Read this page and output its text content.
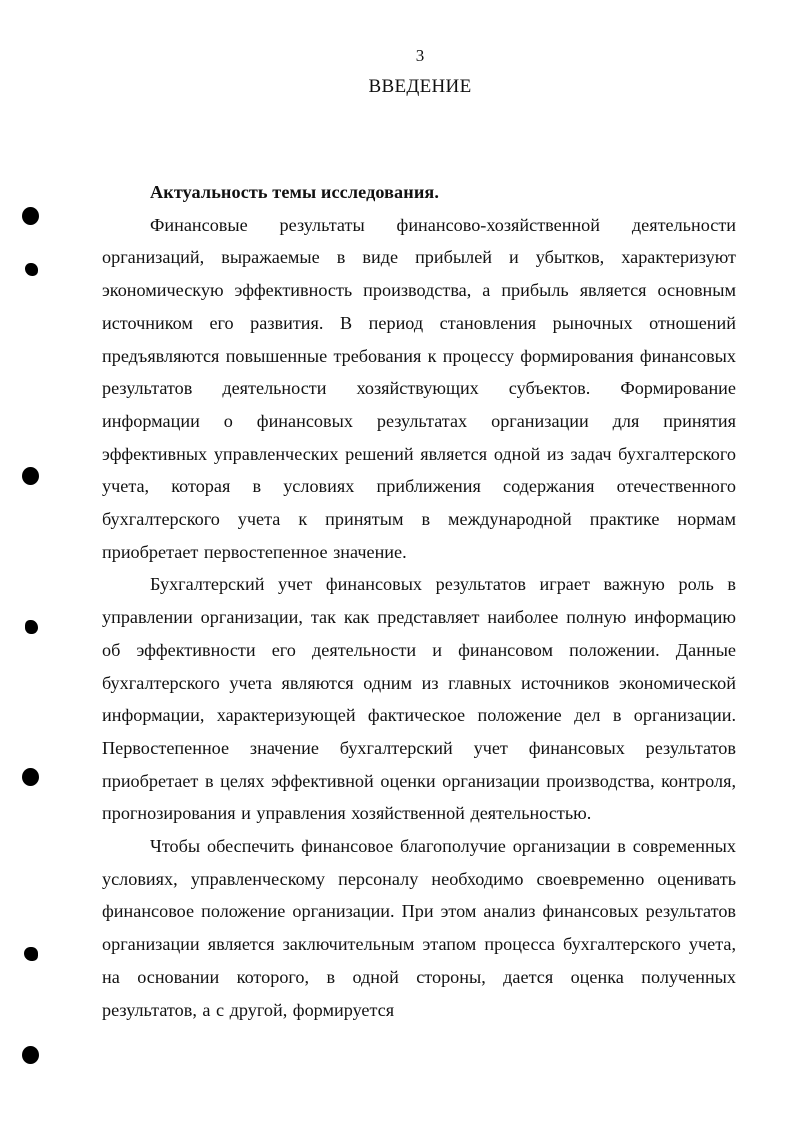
3
ВВЕДЕНИЕ
Актуальность темы исследования.

Финансовые результаты финансово-хозяйственной деятельности организаций, выражаемые в виде прибылей и убытков, характеризуют экономическую эффективность производства, а прибыль является основным источником его развития. В период становления рыночных отношений предъявляются повышенные требования к процессу формирования финансовых результатов деятельности хозяйствующих субъектов. Формирование информации о финансовых результатах организации для принятия эффективных управленческих решений является одной из задач бухгалтерского учета, которая в условиях приближения содержания отечественного бухгалтерского учета к принятым в международной практике нормам приобретает первостепенное значение.

Бухгалтерский учет финансовых результатов играет важную роль в управлении организации, так как представляет наиболее полную информацию об эффективности его деятельности и финансовом положении. Данные бухгалтерского учета являются одним из главных источников экономической информации, характеризующей фактическое положение дел в организации. Первостепенное значение бухгалтерский учет финансовых результатов приобретает в целях эффективной оценки организации производства, контроля, прогнозирования и управления хозяйственной деятельностью.

Чтобы обеспечить финансовое благополучие организации в современных условиях, управленческому персоналу необходимо своевременно оценивать финансовое положение организации. При этом анализ финансовых результатов организации является заключительным этапом процесса бухгалтерского учета, на основании которого, в одной стороны, дается оценка полученных результатов, а с другой, формируется
